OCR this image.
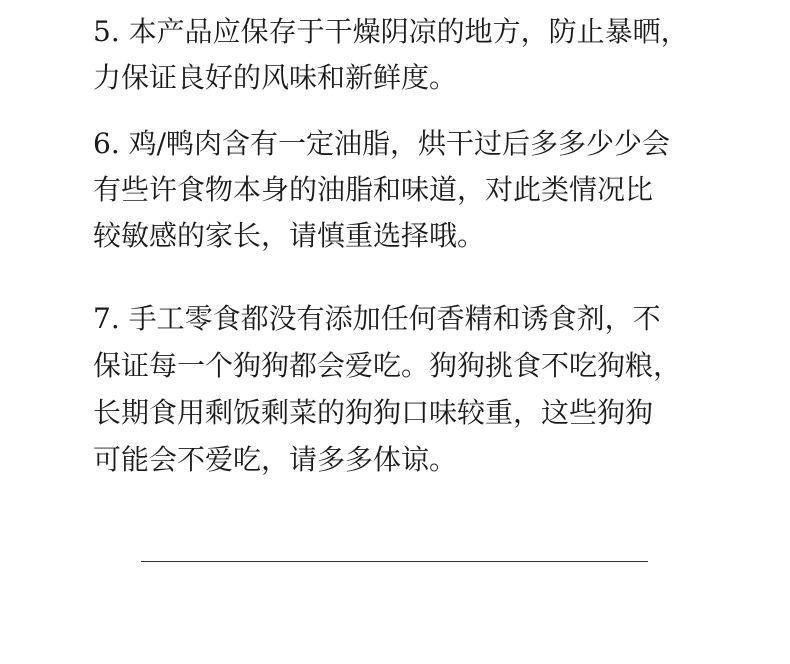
5. 本产品应保存于干燥阴凉的地方，防止暴晒，
力保证良好的风味和新鲜度。
6. 鸡/鸭肉含有一定油脂，烘干过后多多少少会
有些许食物本身的油脂和味道，对此类情况比
较敏感的家长，请慎重选择哦。
7. 手工零食都没有添加任何香精和诱食剂，不
保证每一个狗狗都会爱吃。狗狗挑食不吃狗粮，
长期食用剩饭剩菜的狗狗口味较重，这些狗狗
可能会不爱吃，请多多体谅。
